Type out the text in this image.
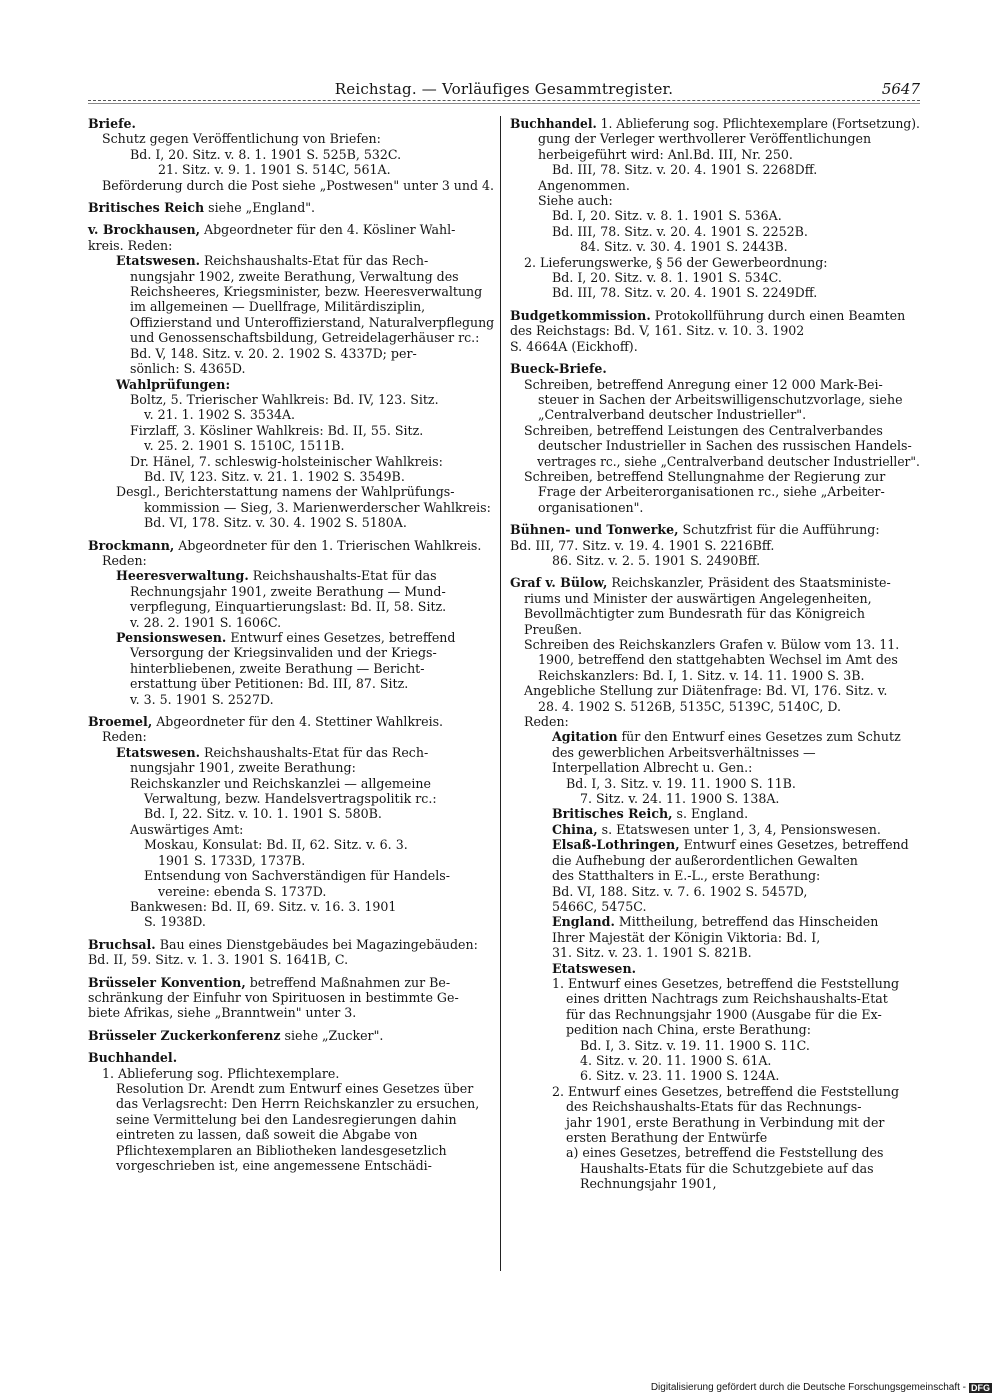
Reichstag. — Vorläufiges Gesammtregister.	5647
Briefe.
Schutz gegen Veröffentlichung von Briefen:
Bd. I, 20. Sitz. v. 8. 1. 1901 S. 525B, 532C.
21. Sitz. v. 9. 1. 1901 S. 514C, 561A.
Beförderung durch die Post siehe „Postwesen" unter 3 und 4.
Britisches Reich siehe „England".
v. Brockhausen, Abgeordneter für den 4. Kösliner Wahl-
kreis. Reden:
Etatswesen. Reichshaushalts-Etat für das Rech-
nungsjahr 1902, zweite Berathung, Verwaltung des
Reichsheeres, Kriegsminister, bezw. Heeresverwaltung
im allgemeinen — Duellfrage, Militärdisziplin,
Offizierstand und Unteroffizierstand, Naturalverpflegung
und Genossenschaftsbildung, Getreidelagerhäuser rc.:
Bd. V, 148. Sitz. v. 20. 2. 1902 S. 4337D; per-
sönlich: S. 4365D.
Wahlprüfungen:
Boltz, 5. Trierischer Wahlkreis: Bd. IV, 123. Sitz.
v. 21. 1. 1902 S. 3534A.
Firzlaff, 3. Kösliner Wahlkreis: Bd. II, 55. Sitz.
v. 25. 2. 1901 S. 1510C, 1511B.
Dr. Hänel, 7. schleswig-holsteinischer Wahlkreis:
Bd. IV, 123. Sitz. v. 21. 1. 1902 S. 3549B.
Desgl., Berichterstattung namens der Wahlprüfungs-
kommission — Sieg, 3. Marienwerderscher Wahlkreis:
Bd. VI, 178. Sitz. v. 30. 4. 1902 S. 5180A.
Brockmann, Abgeordneter für den 1. Trierischen Wahlkreis.
Reden:
Heeresverwaltung. Reichshaushalts-Etat für das
Rechnungsjahr 1901, zweite Berathung — Mund-
verpflegung, Einquartierungslast: Bd. II, 58. Sitz.
v. 28. 2. 1901 S. 1606C.
Pensionswesen. Entwurf eines Gesetzes, betreffend
Versorgung der Kriegsinvaliden und der Kriegs-
hinterbliebenen, zweite Berathung — Bericht-
erstattung über Petitionen: Bd. III, 87. Sitz.
v. 3. 5. 1901 S. 2527D.
Broemel, Abgeordneter für den 4. Stettiner Wahlkreis.
Reden:
Etatswesen. Reichshaushalts-Etat für das Rech-
nungsjahr 1901, zweite Berathung:
Reichskanzler und Reichskanzlei — allgemeine
Verwaltung, bezw. Handelsvertragspolitik rc.:
Bd. I, 22. Sitz. v. 10. 1. 1901 S. 580B.
Auswärtiges Amt:
Moskau, Konsulat: Bd. II, 62. Sitz. v. 6. 3.
1901 S. 1733D, 1737B.
Entsendung von Sachverständigen für Handels-
vereine: ebenda S. 1737D.
Bankwesen: Bd. II, 69. Sitz. v. 16. 3. 1901
S. 1938D.
Bruchsal. Bau eines Dienstgebäudes bei Magazingebäuden:
Bd. II, 59. Sitz. v. 1. 3. 1901 S. 1641B, C.
Brüsseler Konvention, betreffend Maßnahmen zur Be-
schränkung der Einfuhr von Spirituosen in bestimmte Ge-
biete Afrikas, siehe „Branntwein" unter 3.
Brüsseler Zuckerkonferenz siehe „Zucker".
Buchhandel.
1. Ablieferung sog. Pflichtexemplare.
Resolution Dr. Arendt zum Entwurf eines Gesetzes über
das Verlagsrecht: Den Herrn Reichskanzler zu ersuchen,
seine Vermittelung bei den Landesregierungen dahin
eintreten zu lassen, daß soweit die Abgabe von
Pflichtexemplaren an Bibliotheken landesgesetzlich
vorgeschrieben ist, eine angemessene Entschädi-
Buchhandel. 1. Ablieferung sog. Pflichtexemplare (Fortsetzung).
gung der Verleger werthvollerer Veröffentlichungen
herbeigeführt wird: Anl.Bd. III, Nr. 250.
Bd. III, 78. Sitz. v. 20. 4. 1901 S. 2268Dff.
Angenommen.
Siehe auch:
Bd. I, 20. Sitz. v. 8. 1. 1901 S. 536A.
Bd. III, 78. Sitz. v. 20. 4. 1901 S. 2252B.
84. Sitz. v. 30. 4. 1901 S. 2443B.
2. Lieferungswerke, § 56 der Gewerbeordnung:
Bd. I, 20. Sitz. v. 8. 1. 1901 S. 534C.
Bd. III, 78. Sitz. v. 20. 4. 1901 S. 2249Dff.
Budgetkommission. Protokollführung durch einen Beamten
des Reichstags: Bd. V, 161. Sitz. v. 10. 3. 1902
S. 4664A (Eickhoff).
Bueck-Briefe.
Schreiben, betreffend Anregung einer 12 000 Mark-Bei-
steuer in Sachen der Arbeitswilligenschutzvorlage, siehe
„Centralverband deutscher Industrieller".
Schreiben, betreffend Leistungen des Centralverbandes
deutscher Industrieller in Sachen des russischen Handels-
vertrages rc., siehe „Centralverband deutscher Industrieller".
Schreiben, betreffend Stellungnahme der Regierung zur
Frage der Arbeiterorganisationen rc., siehe „Arbeiter-
organisationen".
Bühnen- und Tonwerke, Schutzfrist für die Aufführung:
Bd. III, 77. Sitz. v. 19. 4. 1901 S. 2216Bff.
86. Sitz. v. 2. 5. 1901 S. 2490Bff.
Graf v. Bülow, Reichskanzler, Präsident des Staatsministe-
riums und Minister der auswärtigen Angelegenheiten,
Bevollmächtigter zum Bundesrath für das Königreich
Preußen.
Schreiben des Reichskanzlers Grafen v. Bülow vom 13. 11.
1900, betreffend den stattgehabten Wechsel im Amt des
Reichskanzlers: Bd. I, 1. Sitz. v. 14. 11. 1900 S. 3B.
Angebliche Stellung zur Diätenfrage: Bd. VI, 176. Sitz. v.
28. 4. 1902 S. 5126B, 5135C, 5139C, 5140C, D.
Reden:
Agitation für den Entwurf eines Gesetzes zum Schutz
des gewerblichen Arbeitsverhältnisses —
Interpellation Albrecht u. Gen.:
Bd. I, 3. Sitz. v. 19. 11. 1900 S. 11B.
7. Sitz. v. 24. 11. 1900 S. 138A.
Britisches Reich, s. England.
China, s. Etatswesen unter 1, 3, 4, Pensionswesen.
Elsaß-Lothringen, Entwurf eines Gesetzes, betreffend
die Aufhebung der außerordentlichen Gewalten
des Statthalters in E.-L., erste Berathung:
Bd. VI, 188. Sitz. v. 7. 6. 1902 S. 5457D,
5466C, 5475C.
England. Mittheilung, betreffend das Hinscheiden
Ihrer Majestät der Königin Viktoria: Bd. I,
31. Sitz. v. 23. 1. 1901 S. 821B.
Etatswesen.
1. Entwurf eines Gesetzes, betreffend die Feststellung
eines dritten Nachtrags zum Reichshaushalts-Etat
für das Rechnungsjahr 1900 (Ausgabe für die Ex-
pedition nach China, erste Berathung:
Bd. I, 3. Sitz. v. 19. 11. 1900 S. 11C.
4. Sitz. v. 20. 11. 1900 S. 61A.
6. Sitz. v. 23. 11. 1900 S. 124A.
2. Entwurf eines Gesetzes, betreffend die Feststellung
des Reichshaushalts-Etats für das Rechnungs-
jahr 1901, erste Berathung in Verbindung mit der
ersten Berathung der Entwürfe
a) eines Gesetzes, betreffend die Feststellung des
Haushalts-Etats für die Schutzgebiete auf das
Rechnungsjahr 1901,
Digitalisierung gefördert durch die Deutsche Forschungsgemeinschaft - DFG
